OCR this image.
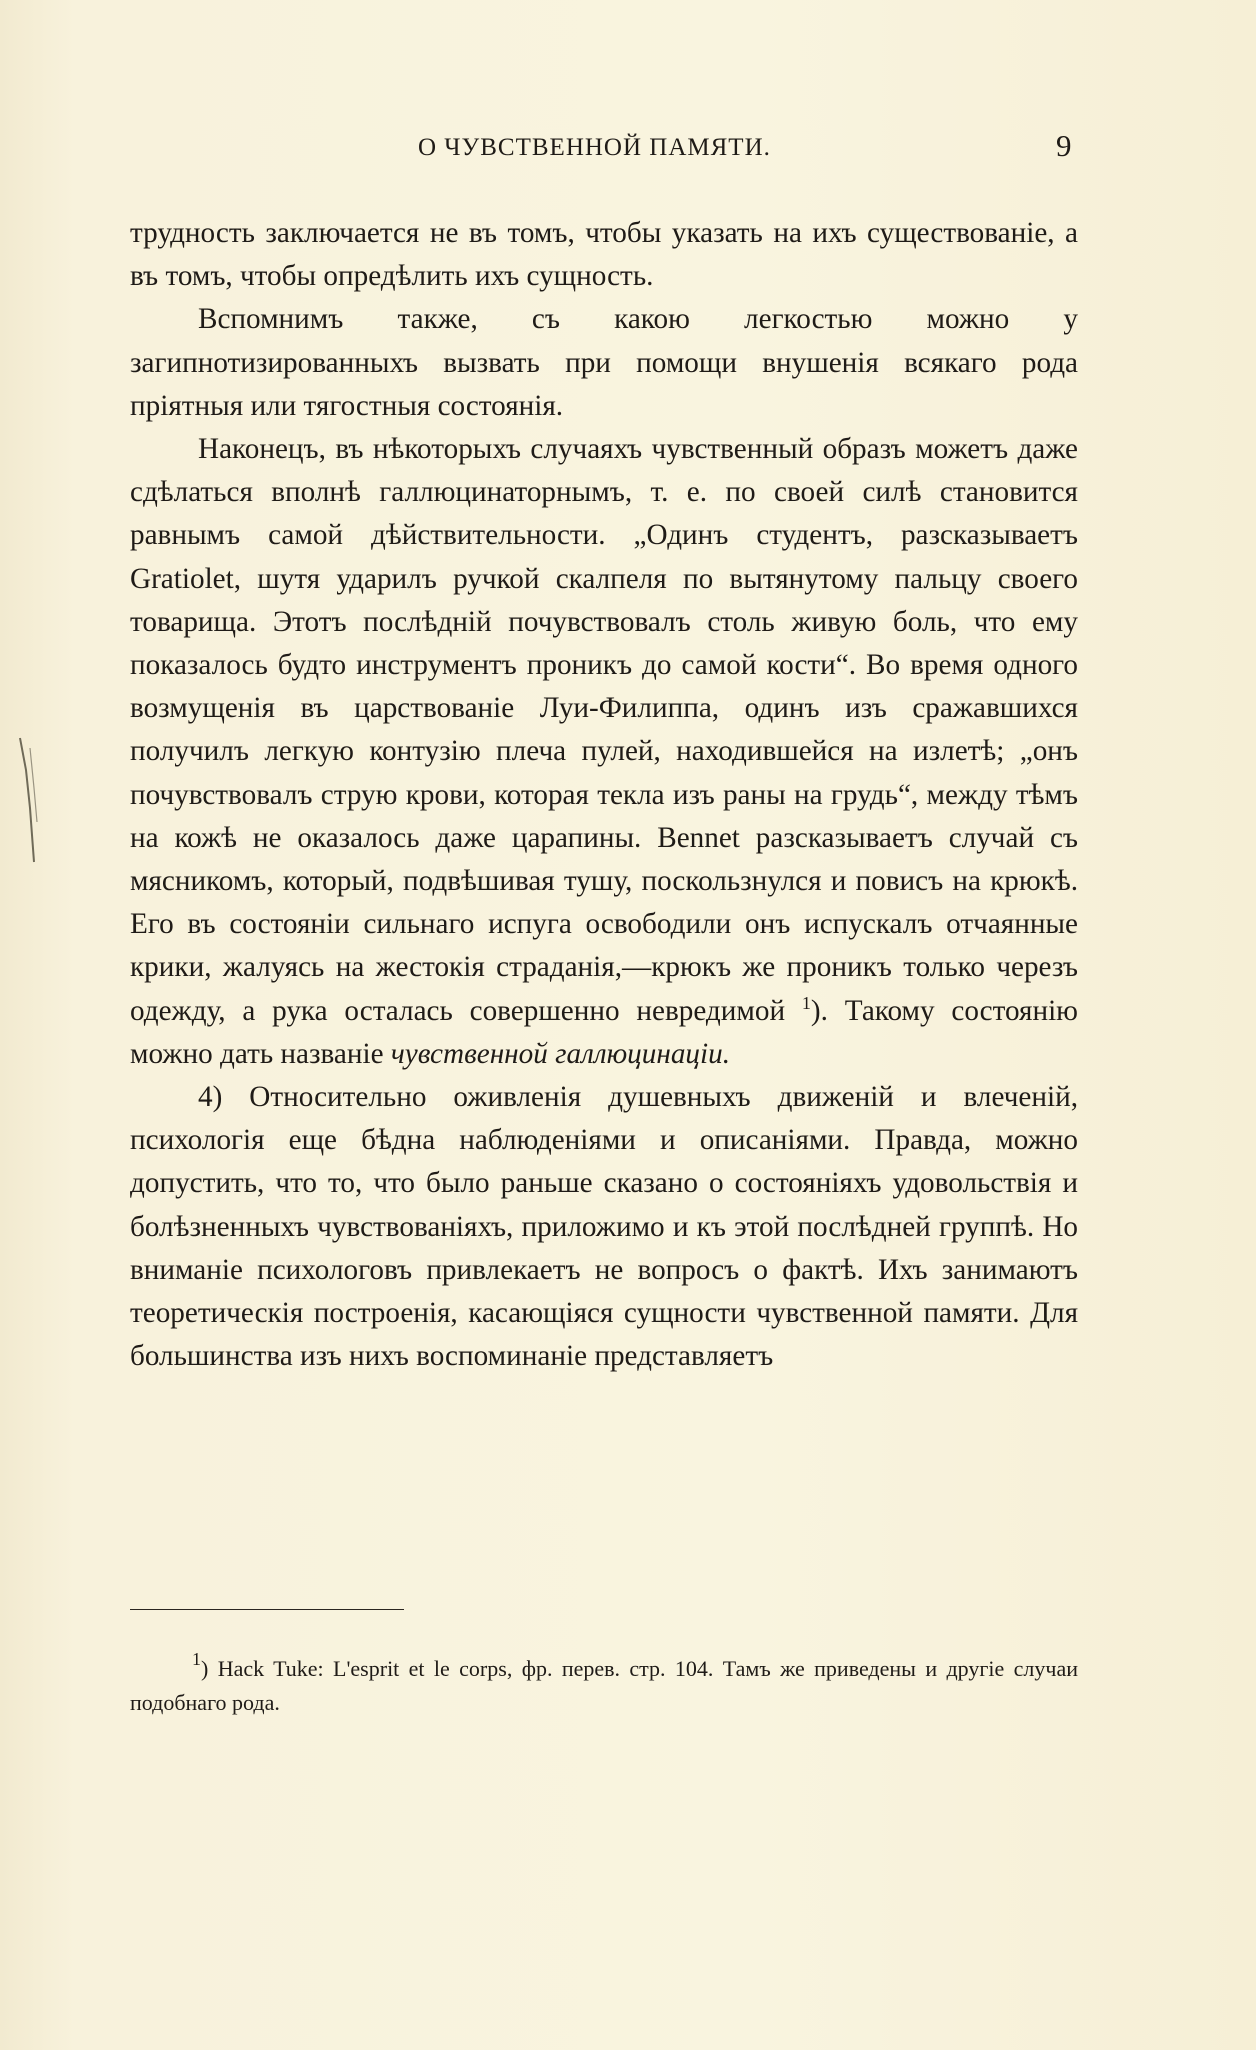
О ЧУВСТВЕННОЙ ПАМЯТИ.	9

трудность заключается не въ томъ, чтобы указать на ихъ существованіе, а въ томъ, чтобы опредѣлить ихъ сущность.

Вспомнимъ также, съ какою легкостью можно у загипнотизированныхъ вызвать при помощи внушенія всякаго рода пріятныя или тягостныя состоянія.

Наконецъ, въ нѣкоторыхъ случаяхъ чувственный образъ можетъ даже сдѣлаться вполнѣ галлюцинаторнымъ, т. е. по своей силѣ становится равнымъ самой дѣйствительности. „Одинъ студентъ, разсказываетъ Gratiolet, шутя ударилъ ручкой скалпеля по вытянутому пальцу своего товарища. Этотъ послѣдній почувствовалъ столь живую боль, что ему показалось будто инструментъ проникъ до самой кости“. Во время одного возмущенія въ царствованіе Луи-Филиппа, одинъ изъ сражавшихся получилъ легкую контузію плеча пулей, находившейся на излетѣ; „онъ почувствовалъ струю крови, которая текла изъ раны на грудь“, между тѣмъ на кожѣ не оказалось даже царапины. Bennet разсказываетъ случай съ мясникомъ, который, подвѣшивая тушу, поскользнулся и повисъ на крюкѣ. Его въ состояніи сильнаго испуга освободили онъ испускалъ отчаянные крики, жалуясь на жестокія страданія,—крюкъ же проникъ только черезъ одежду, а рука осталась совершенно невредимой $^1$). Такому состоянію можно дать названіе чувственной галлюцинаціи.

4) Относительно оживленія душевныхъ движеній и влеченій, психологія еще бѣдна наблюденіями и описаніями. Правда, можно допустить, что то, что было раньше сказано о состояніяхъ удовольствія и болѣзненныхъ чувствованіяхъ, приложимо и къ этой послѣдней группѣ. Но вниманіе психологовъ привлекаетъ не вопросъ о фактѣ. Ихъ занимаютъ теоретическія построенія, касающіяся сущности чувственной памяти. Для большинства изъ нихъ воспоминаніе представляетъ

$^1$) Hack Tuke: L'esprit et le corps, фр. перев. стр. 104. Тамъ же приведены и другіе случаи подобнаго рода.
